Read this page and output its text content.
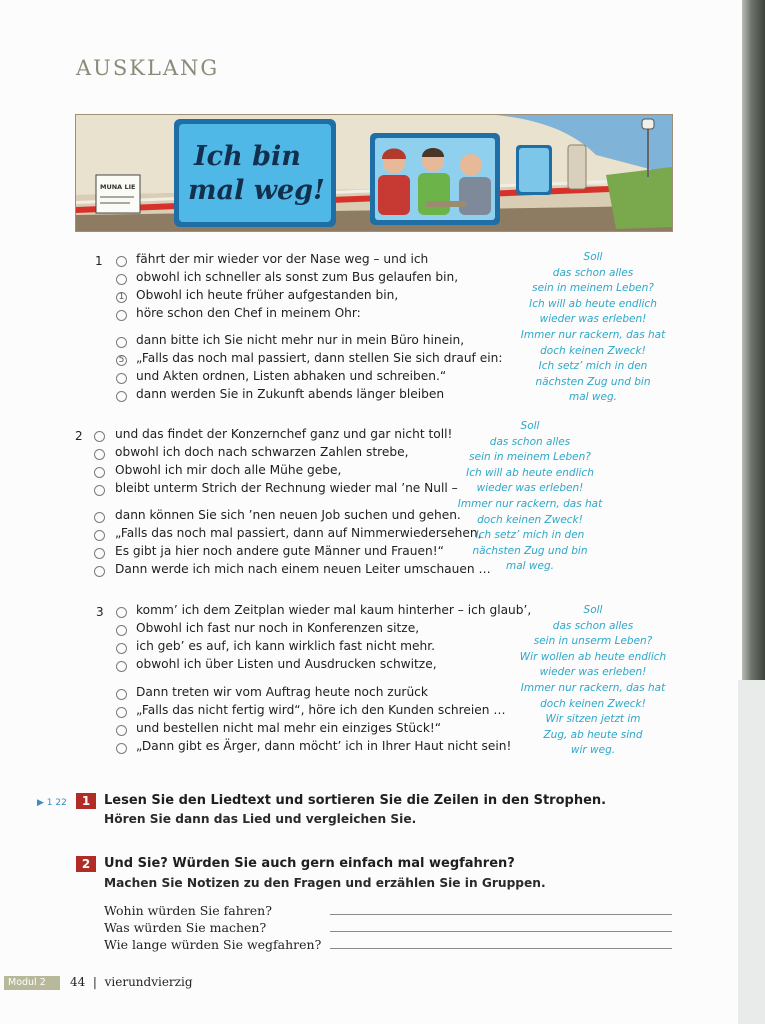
AUSKLANG
MUNA LIE
Ich bin
mal weg!
1	fährt der mir wieder vor der Nase weg – und ich
obwohl ich schneller als sonst zum Bus gelaufen bin,
1 Obwohl ich heute früher aufgestanden bin,
höre schon den Chef in meinem Ohr:
dann bitte ich Sie nicht mehr nur in mein Büro hinein,
5 „Falls das noch mal passiert, dann stellen Sie sich drauf ein:
und Akten ordnen, Listen abhaken und schreiben.“
dann werden Sie in Zukunft abends länger bleiben
Soll
das schon alles
sein in meinem Leben?
Ich will ab heute endlich
wieder was erleben!
Immer nur rackern, das hat
doch keinen Zweck!
Ich setz’ mich in den
nächsten Zug und bin
mal weg.
2	und das findet der Konzernchef ganz und gar nicht toll!
obwohl ich doch nach schwarzen Zahlen strebe,
Obwohl ich mir doch alle Mühe gebe,
bleibt unterm Strich der Rechnung wieder mal ’ne Null –
dann können Sie sich ’nen neuen Job suchen und gehen.
„Falls das noch mal passiert, dann auf Nimmerwiedersehen,
Es gibt ja hier noch andere gute Männer und Frauen!“
Dann werde ich mich nach einem neuen Leiter umschauen …
Soll
das schon alles
sein in meinem Leben?
Ich will ab heute endlich
wieder was erleben!
Immer nur rackern, das hat
doch keinen Zweck!
Ich setz’ mich in den
nächsten Zug und bin
mal weg.
3	komm’ ich dem Zeitplan wieder mal kaum hinterher – ich glaub’,
Obwohl ich fast nur noch in Konferenzen sitze,
ich geb’ es auf, ich kann wirklich fast nicht mehr.
obwohl ich über Listen und Ausdrucken schwitze,
Dann treten wir vom Auftrag heute noch zurück
„Falls das nicht fertig wird“, höre ich den Kunden schreien …
und bestellen nicht mal mehr ein einziges Stück!“
„Dann gibt es Ärger, dann möcht’ ich in Ihrer Haut nicht sein!
Soll
das schon alles
sein in unserm Leben?
Wir wollen ab heute endlich
wieder was erleben!
Immer nur rackern, das hat
doch keinen Zweck!
Wir sitzen jetzt im
Zug, ab heute sind
wir weg.
▶ 1 22	1	Lesen Sie den Liedtext und sortieren Sie die Zeilen in den Strophen.
Hören Sie dann das Lied und vergleichen Sie.
2	Und Sie? Würden Sie auch gern einfach mal wegfahren?
Machen Sie Notizen zu den Fragen und erzählen Sie in Gruppen.
Wohin würden Sie fahren?
Was würden Sie machen?
Wie lange würden Sie wegfahren?
Modul 2	44 | vierundvierzig
